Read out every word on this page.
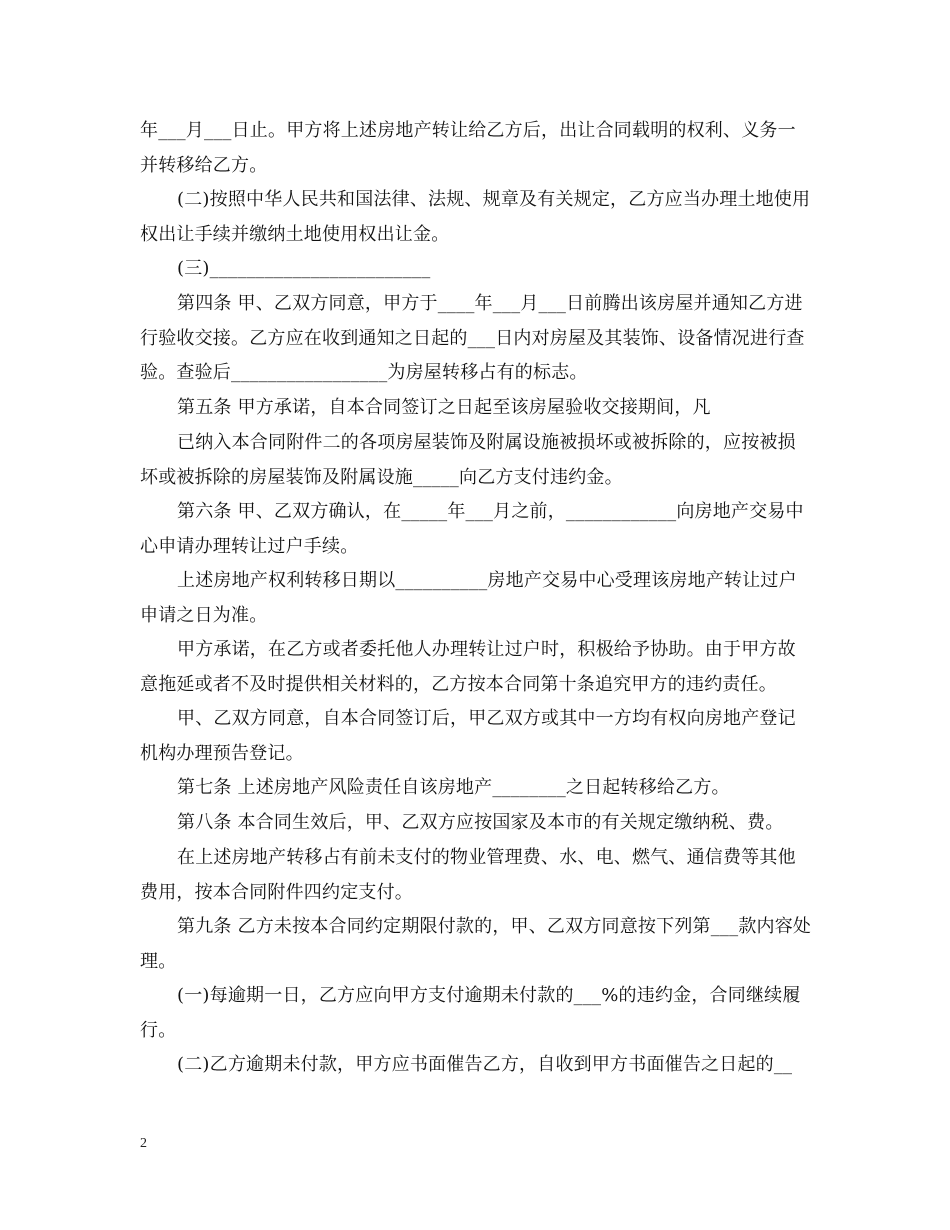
年___月___日止。甲方将上述房地产转让给乙方后，出让合同载明的权利、义务一并转移给乙方。

(二)按照中华人民共和国法律、法规、规章及有关规定，乙方应当办理土地使用权出让手续并缴纳土地使用权出让金。

(三)________________________

第四条 甲、乙双方同意，甲方于____年___月___日前腾出该房屋并通知乙方进行验收交接。乙方应在收到通知之日起的___日内对房屋及其装饰、设备情况进行查验。查验后_________________为房屋转移占有的标志。

第五条 甲方承诺，自本合同签订之日起至该房屋验收交接期间，凡

已纳入本合同附件二的各项房屋装饰及附属设施被损坏或被拆除的，应按被损坏或被拆除的房屋装饰及附属设施_____向乙方支付违约金。

第六条 甲、乙双方确认，在_____年___月之前，____________向房地产交易中心申请办理转让过户手续。

上述房地产权利转移日期以__________房地产交易中心受理该房地产转让过户申请之日为准。

甲方承诺，在乙方或者委托他人办理转让过户时，积极给予协助。由于甲方故意拖延或者不及时提供相关材料的，乙方按本合同第十条追究甲方的违约责任。

甲、乙双方同意，自本合同签订后，甲乙双方或其中一方均有权向房地产登记机构办理预告登记。

第七条 上述房地产风险责任自该房地产________之日起转移给乙方。

第八条 本合同生效后，甲、乙双方应按国家及本市的有关规定缴纳税、费。

在上述房地产转移占有前未支付的物业管理费、水、电、燃气、通信费等其他费用，按本合同附件四约定支付。

第九条 乙方未按本合同约定期限付款的，甲、乙双方同意按下列第___款内容处理。

(一)每逾期一日，乙方应向甲方支付逾期未付款的___%的违约金，合同继续履行。

(二)乙方逾期未付款，甲方应书面催告乙方，自收到甲方书面催告之日起的__

2
